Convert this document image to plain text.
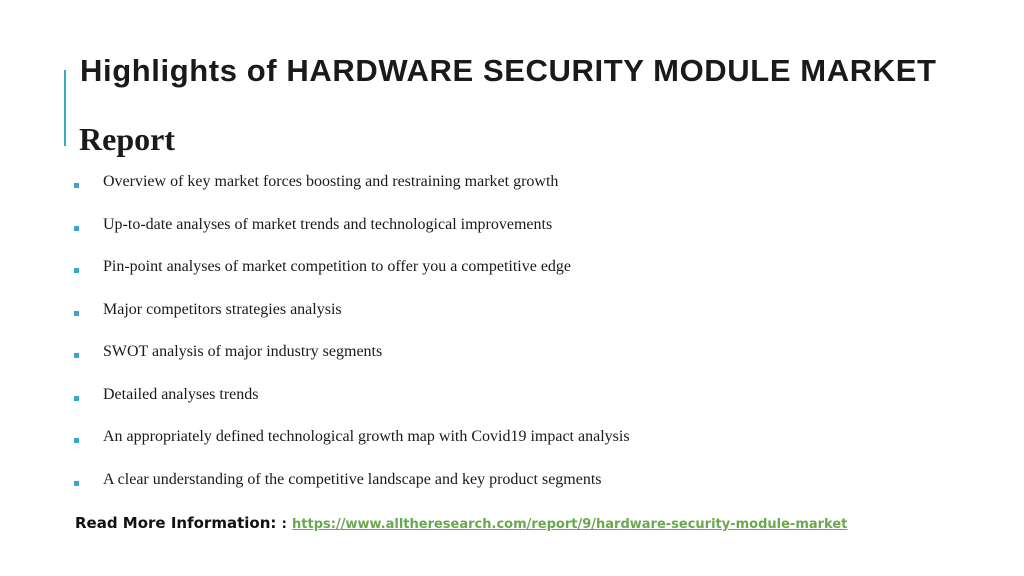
Highlights of HARDWARE SECURITY MODULE MARKET
Report
Overview of key market forces boosting and restraining market growth
Up-to-date analyses of market trends and technological improvements
Pin-point analyses of market competition to offer you a competitive edge
Major competitors strategies analysis
SWOT analysis of major industry segments
Detailed analyses trends
An appropriately defined technological growth map with Covid19 impact analysis
A clear understanding of the competitive landscape and key product segments
Read More Information: : https://www.alltheresearch.com/report/9/hardware-security-module-market
